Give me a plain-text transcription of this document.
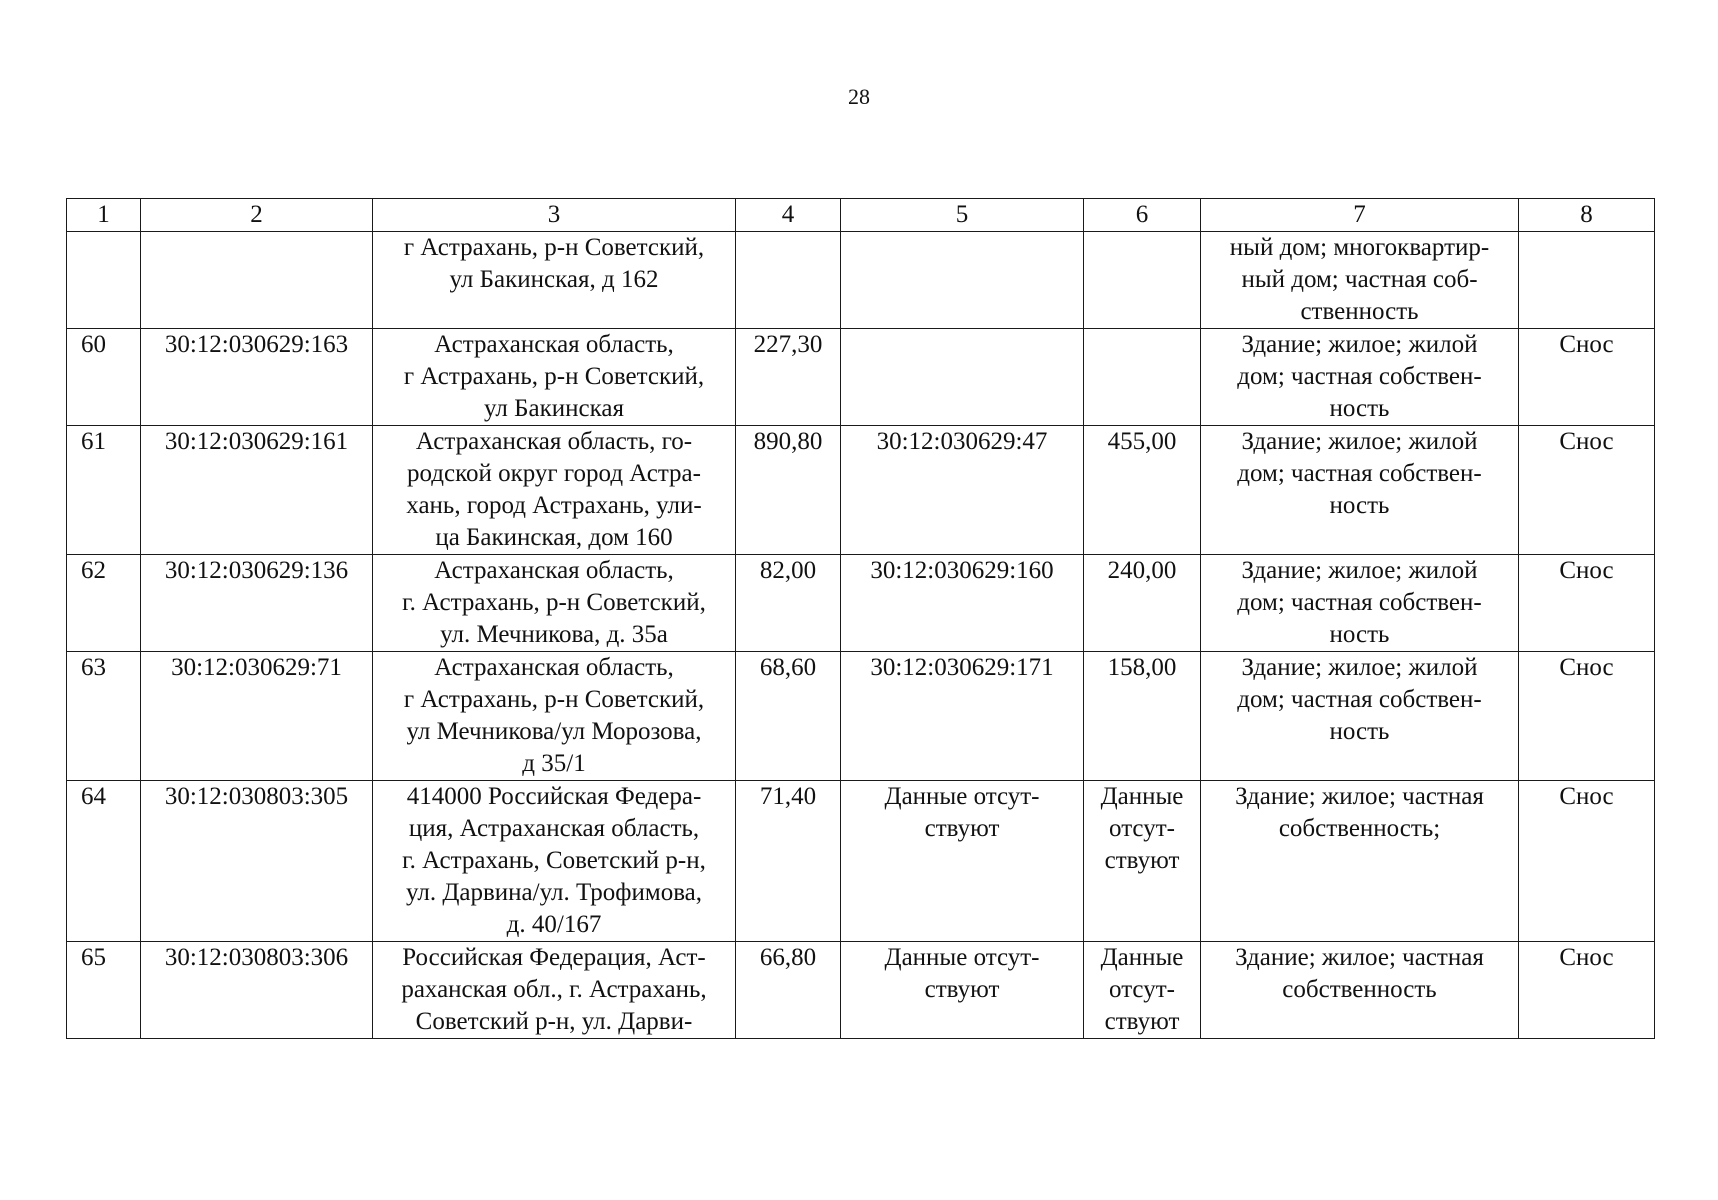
28
1	2	3	4	5	6	7	8

		г Астрахань, р-н Советский,
ул Бакинская, д 162				ный дом; многоквартир-
ный дом; частная соб-
ственность	

60	30:12:030629:163	Астраханская область,
г Астрахань, р-н Советский,
ул Бакинская	227,30			Здание; жилое; жилой
дом; частная собствен-
ность	Снос

61	30:12:030629:161	Астраханская область, го-
родской округ город Астра-
хань, город Астрахань, ули-
ца Бакинская, дом 160	890,80	30:12:030629:47	455,00	Здание; жилое; жилой
дом; частная собствен-
ность	Снос

62	30:12:030629:136	Астраханская область,
г. Астрахань, р-н Советский,
ул. Мечникова, д. 35а	82,00	30:12:030629:160	240,00	Здание; жилое; жилой
дом; частная собствен-
ность	Снос

63	30:12:030629:71	Астраханская область,
г Астрахань, р-н Советский,
ул Мечникова/ул Морозова,
д 35/1	68,60	30:12:030629:171	158,00	Здание; жилое; жилой
дом; частная собствен-
ность	Снос

64	30:12:030803:305	414000 Российская Федера-
ция, Астраханская область,
г. Астрахань, Советский р-н,
ул. Дарвина/ул. Трофимова,
д. 40/167	71,40	Данные отсут-
ствуют	Данные
отсут-
ствуют	Здание; жилое; частная
собственность;	Снос

65	30:12:030803:306	Российская Федерация, Аст-
раханская обл., г. Астрахань,
Советский р-н, ул. Дарви-	66,80	Данные отсут-
ствуют	Данные
отсут-
ствуют	Здание; жилое; частная
собственность	Снос
